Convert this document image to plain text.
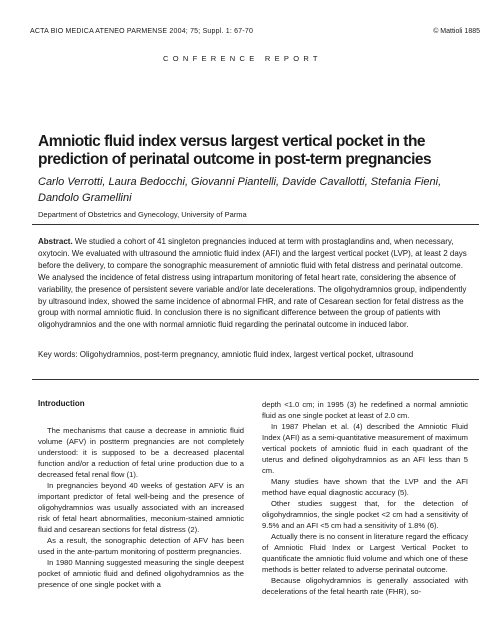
ACTA BIO MEDICA ATENEO PARMENSE 2004; 75; Suppl. 1: 67-70	© Mattioli 1885
CONFERENCE REPORT
Amniotic fluid index versus largest vertical pocket in the prediction of perinatal outcome in post-term pregnancies

Carlo Verrotti, Laura Bedocchi, Giovanni Piantelli, Davide Cavallotti, Stefania Fieni, Dandolo Gramellini

Department of Obstetrics and Gynecology, University of Parma

Abstract. We studied a cohort of 41 singleton pregnancies induced at term with prostaglandins and, when necessary, oxytocin. We evaluated with ultrasound the amniotic fluid index (AFI) and the largest vertical pocket (LVP), at least 2 days before the delivery, to compare the sonographic measurement of amniotic fluid with fetal distress and perinatal outcome. We analysed the incidence of fetal distress using intrapartum monitoring of fetal heart rate, considering the absence of variability, the presence of persistent severe variable and/or late decelerations. The oligohydramnios group, indipendently by ultrasound index, showed the same incidence of abnormal FHR, and rate of Cesarean section for fetal distress as the group with normal amniotic fluid. In conclusion there is no significant difference between the group of patients with oligohydramnios and the one with normal amniotic fluid regarding the perinatal outcome in induced labor.

Key words: Oligohydramnios, post-term pregnancy, amniotic fluid index, largest vertical pocket, ultrasound

Introduction

The mechanisms that cause a decrease in amniotic fluid volume (AFV) in postterm pregnancies are not completely understood: it is supposed to be a decreased placental function and/or a reduction of fetal urine production due to a decreased fetal renal flow (1).

In pregnancies beyond 40 weeks of gestation AFV is an important predictor of fetal well-being and the presence of oligohydramnios was usually associated with an increased risk of fetal heart abnormalities, meconium-stained amniotic fluid and cesarean sections for fetal distress (2).

As a result, the sonographic detection of AFV has been used in the ante-partum monitoring of postterm pregnancies.

In 1980 Manning suggested measuring the single deepest pocket of amniotic fluid and defined oligohydramnios as the presence of one single pocket with a

depth <1.0 cm; in 1995 (3) he redefined a normal amniotic fluid as one single pocket at least of 2.0 cm.

In 1987 Phelan et al. (4) described the Amniotic Fluid Index (AFI) as a semi-quantitative measurement of maximum vertical pockets of amniotic fluid in each quadrant of the uterus and defined oligohydramnios as an AFI less than 5 cm.

Many studies have shown that the LVP and the AFI method have equal diagnostic accuracy (5).

Other studies suggest that, for the detection of oligohydramnios, the single pocket <2 cm had a sensitivity of 9.5% and an AFI <5 cm had a sensitivity of 1.8% (6).

Actually there is no consent in literature regard the efficacy of Amniotic Fluid Index or Largest Vertical Pocket to quantificate the amniotic fluid volume and which one of these methods is better related to adverse perinatal outcome.

Because oligohydramnios is generally associated with decelerations of the fetal hearth rate (FHR), so-
